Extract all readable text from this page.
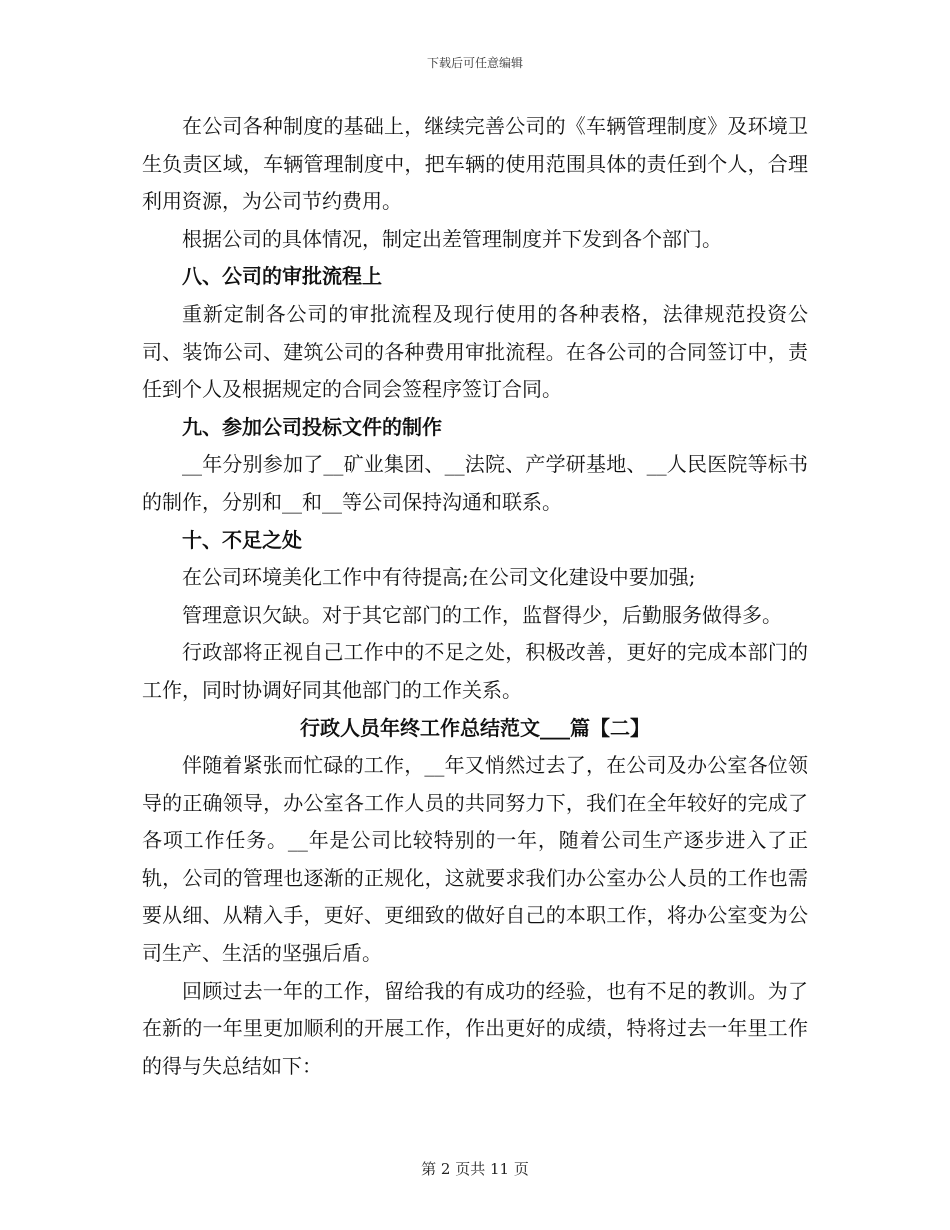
下载后可任意编辑

在公司各种制度的基础上，继续完善公司的《车辆管理制度》及环境卫生负责区域，车辆管理制度中，把车辆的使用范围具体的责任到个人，合理利用资源，为公司节约费用。

根据公司的具体情况，制定出差管理制度并下发到各个部门。

八、公司的审批流程上

重新定制各公司的审批流程及现行使用的各种表格，法律规范投资公司、装饰公司、建筑公司的各种费用审批流程。在各公司的合同签订中，责任到个人及根据规定的合同会签程序签订合同。

九、参加公司投标文件的制作

__年分别参加了__矿业集团、__法院、产学研基地、__人民医院等标书的制作，分别和__和__等公司保持沟通和联系。

十、不足之处

在公司环境美化工作中有待提高;在公司文化建设中要加强;

管理意识欠缺。对于其它部门的工作，监督得少，后勤服务做得多。

行政部将正视自己工作中的不足之处，积极改善，更好的完成本部门的工作，同时协调好同其他部门的工作关系。

行政人员年终工作总结范文___篇【二】

伴随着紧张而忙碌的工作，__年又悄然过去了，在公司及办公室各位领导的正确领导，办公室各工作人员的共同努力下，我们在全年较好的完成了各项工作任务。__年是公司比较特别的一年，随着公司生产逐步进入了正轨，公司的管理也逐渐的正规化，这就要求我们办公室办公人员的工作也需要从细、从精入手，更好、更细致的做好自己的本职工作，将办公室变为公司生产、生活的坚强后盾。

回顾过去一年的工作，留给我的有成功的经验，也有不足的教训。为了在新的一年里更加顺利的开展工作，作出更好的成绩，特将过去一年里工作的得与失总结如下：

第 2 页共 11 页
